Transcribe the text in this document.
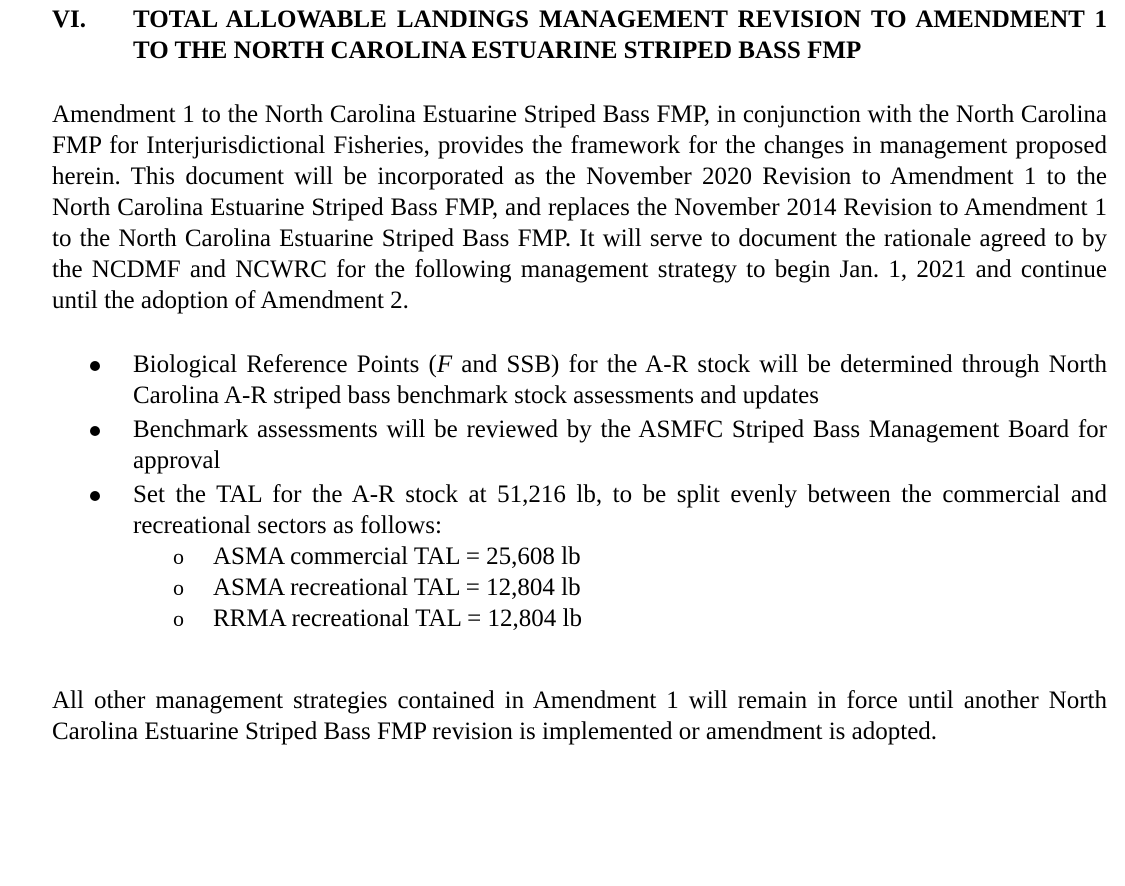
VI.	TOTAL ALLOWABLE LANDINGS MANAGEMENT REVISION TO AMENDMENT 1 TO THE NORTH CAROLINA ESTUARINE STRIPED BASS FMP

Amendment 1 to the North Carolina Estuarine Striped Bass FMP, in conjunction with the North Carolina FMP for Interjurisdictional Fisheries, provides the framework for the changes in management proposed herein. This document will be incorporated as the November 2020 Revision to Amendment 1 to the North Carolina Estuarine Striped Bass FMP, and replaces the November 2014 Revision to Amendment 1 to the North Carolina Estuarine Striped Bass FMP. It will serve to document the rationale agreed to by the NCDMF and NCWRC for the following management strategy to begin Jan. 1, 2021 and continue until the adoption of Amendment 2.

Biological Reference Points (F and SSB) for the A-R stock will be determined through North Carolina A-R striped bass benchmark stock assessments and updates
Benchmark assessments will be reviewed by the ASMFC Striped Bass Management Board for approval
Set the TAL for the A-R stock at 51,216 lb, to be split evenly between the commercial and recreational sectors as follows:
o	ASMA commercial TAL = 25,608 lb
o	ASMA recreational TAL = 12,804 lb
o	RRMA recreational TAL = 12,804 lb

All other management strategies contained in Amendment 1 will remain in force until another North Carolina Estuarine Striped Bass FMP revision is implemented or amendment is adopted.
